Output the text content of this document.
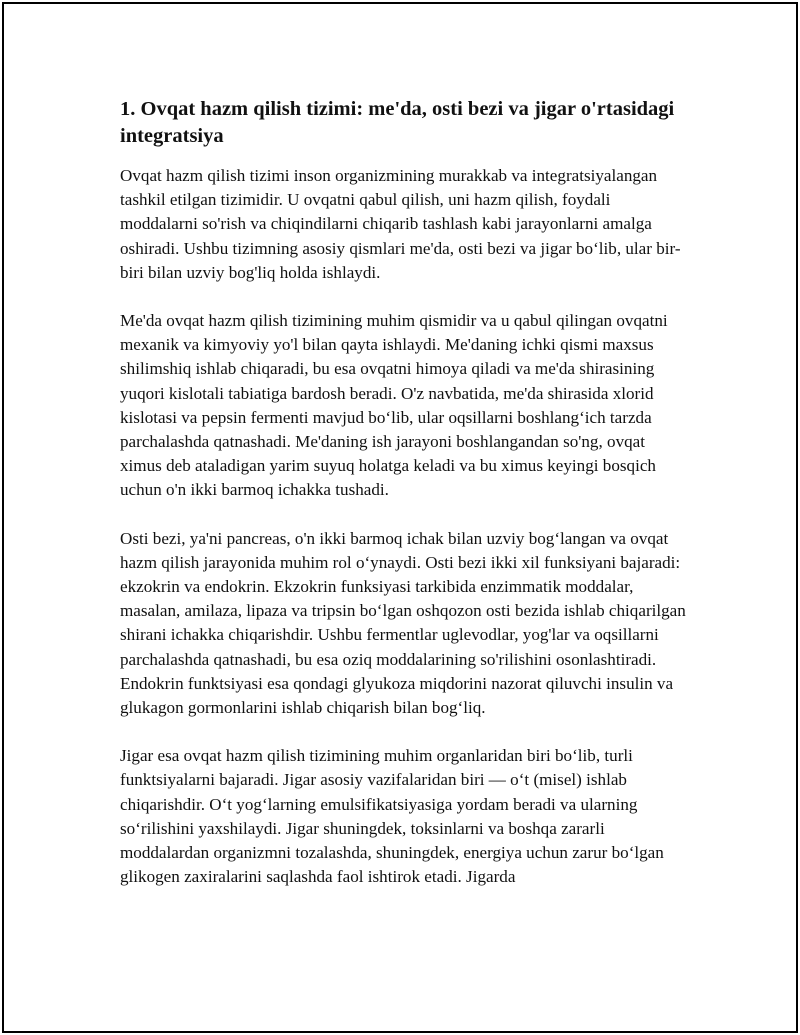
1. Ovqat hazm qilish tizimi: me'da, osti bezi va jigar o'rtasidagi integratsiya

Ovqat hazm qilish tizimi inson organizmining murakkab va integratsiyalangan tashkil etilgan tizimidir. U ovqatni qabul qilish, uni hazm qilish, foydali moddalarni so'rish va chiqindilarni chiqarib tashlash kabi jarayonlarni amalga oshiradi. Ushbu tizimning asosiy qismlari me'da, osti bezi va jigar bo‘lib, ular bir-biri bilan uzviy bog'liq holda ishlaydi.

Me'da ovqat hazm qilish tizimining muhim qismidir va u qabul qilingan ovqatni mexanik va kimyoviy yo'l bilan qayta ishlaydi. Me'daning ichki qismi maxsus shilimshiq ishlab chiqaradi, bu esa ovqatni himoya qiladi va me'da shirasining yuqori kislotali tabiatiga bardosh beradi. O'z navbatida, me'da shirasida xlorid kislotasi va pepsin fermenti mavjud bo‘lib, ular oqsillarni boshlang‘ich tarzda parchalashda qatnashadi. Me'daning ish jarayoni boshlangandan so'ng, ovqat ximus deb ataladigan yarim suyuq holatga keladi va bu ximus keyingi bosqich uchun o'n ikki barmoq ichakka tushadi.

Osti bezi, ya'ni pancreas, o'n ikki barmoq ichak bilan uzviy bog‘langan va ovqat hazm qilish jarayonida muhim rol o‘ynaydi. Osti bezi ikki xil funksiyani bajaradi: ekzokrin va endokrin. Ekzokrin funksiyasi tarkibida enzimmatik moddalar, masalan, amilaza, lipaza va tripsin bo‘lgan oshqozon osti bezida ishlab chiqarilgan shirani ichakka chiqarishdir. Ushbu fermentlar uglevodlar, yog'lar va oqsillarni parchalashda qatnashadi, bu esa oziq moddalarining so'rilishini osonlashtiradi. Endokrin funktsiyasi esa qondagi glyukoza miqdorini nazorat qiluvchi insulin va glukagon gormonlarini ishlab chiqarish bilan bog‘liq.

Jigar esa ovqat hazm qilish tizimining muhim organlaridan biri bo‘lib, turli funktsiyalarni bajaradi. Jigar asosiy vazifalaridan biri — o‘t (misel) ishlab chiqarishdir. O‘t yog‘larning emulsifikatsiyasiga yordam beradi va ularning so‘rilishini yaxshilaydi. Jigar shuningdek, toksinlarni va boshqa zararli moddalardan organizmni tozalashda, shuningdek, energiya uchun zarur bo‘lgan glikogen zaxiralarini saqlashda faol ishtirok etadi. Jigarda
